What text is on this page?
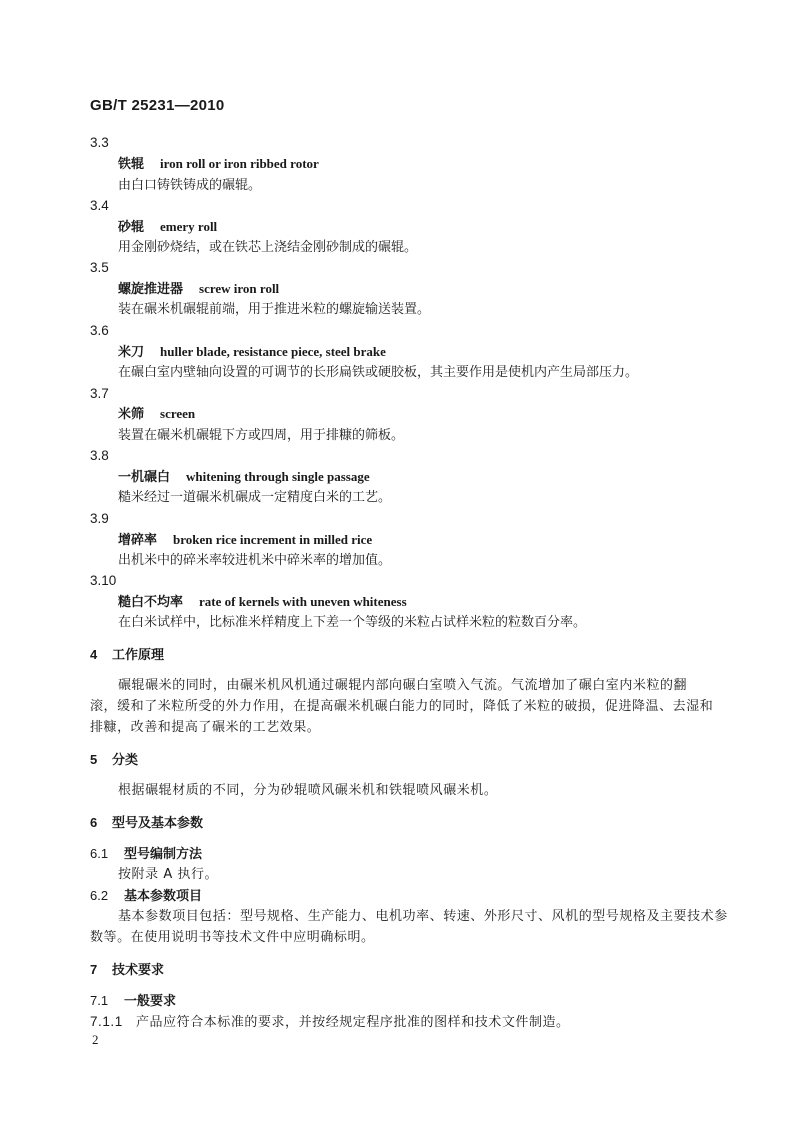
GB/T 25231—2010
3.3
铁辊 iron roll or iron ribbed rotor
由白口铸铁铸成的碾辊。
3.4
砂辊 emery roll
用金刚砂烧结，或在铁芯上浇结金刚砂制成的碾辊。
3.5
螺旋推进器 screw iron roll
装在碾米机碾辊前端，用于推进米粒的螺旋输送装置。
3.6
米刀 huller blade, resistance piece, steel brake
在碾白室内壁轴向设置的可调节的长形扁铁或硬胶板，其主要作用是使机内产生局部压力。
3.7
米筛 screen
装置在碾米机碾辊下方或四周，用于排糠的筛板。
3.8
一机碾白 whitening through single passage
糙米经过一道碾米机碾成一定精度白米的工艺。
3.9
增碎率 broken rice increment in milled rice
出机米中的碎米率较进机米中碎米率的增加值。
3.10
糙白不均率 rate of kernels with uneven whiteness
在白米试样中，比标准米样精度上下差一个等级的米粒占试样米粒的粒数百分率。
4 工作原理
碾辊碾米的同时，由碾米机风机通过碾辊内部向碾白室喷入气流。气流增加了碾白室内米粒的翻
滚，缓和了米粒所受的外力作用，在提高碾米机碾白能力的同时，降低了米粒的破损，促进降温、去湿和
排糠，改善和提高了碾米的工艺效果。
5 分类
根据碾辊材质的不同，分为砂辊喷风碾米机和铁辊喷风碾米机。
6 型号及基本参数
6.1 型号编制方法
按附录 A 执行。
6.2 基本参数项目
基本参数项目包括：型号规格、生产能力、电机功率、转速、外形尺寸、风机的型号规格及主要技术参
数等。在使用说明书等技术文件中应明确标明。
7 技术要求
7.1 一般要求
7.1.1 产品应符合本标准的要求，并按经规定程序批准的图样和技术文件制造。
2
